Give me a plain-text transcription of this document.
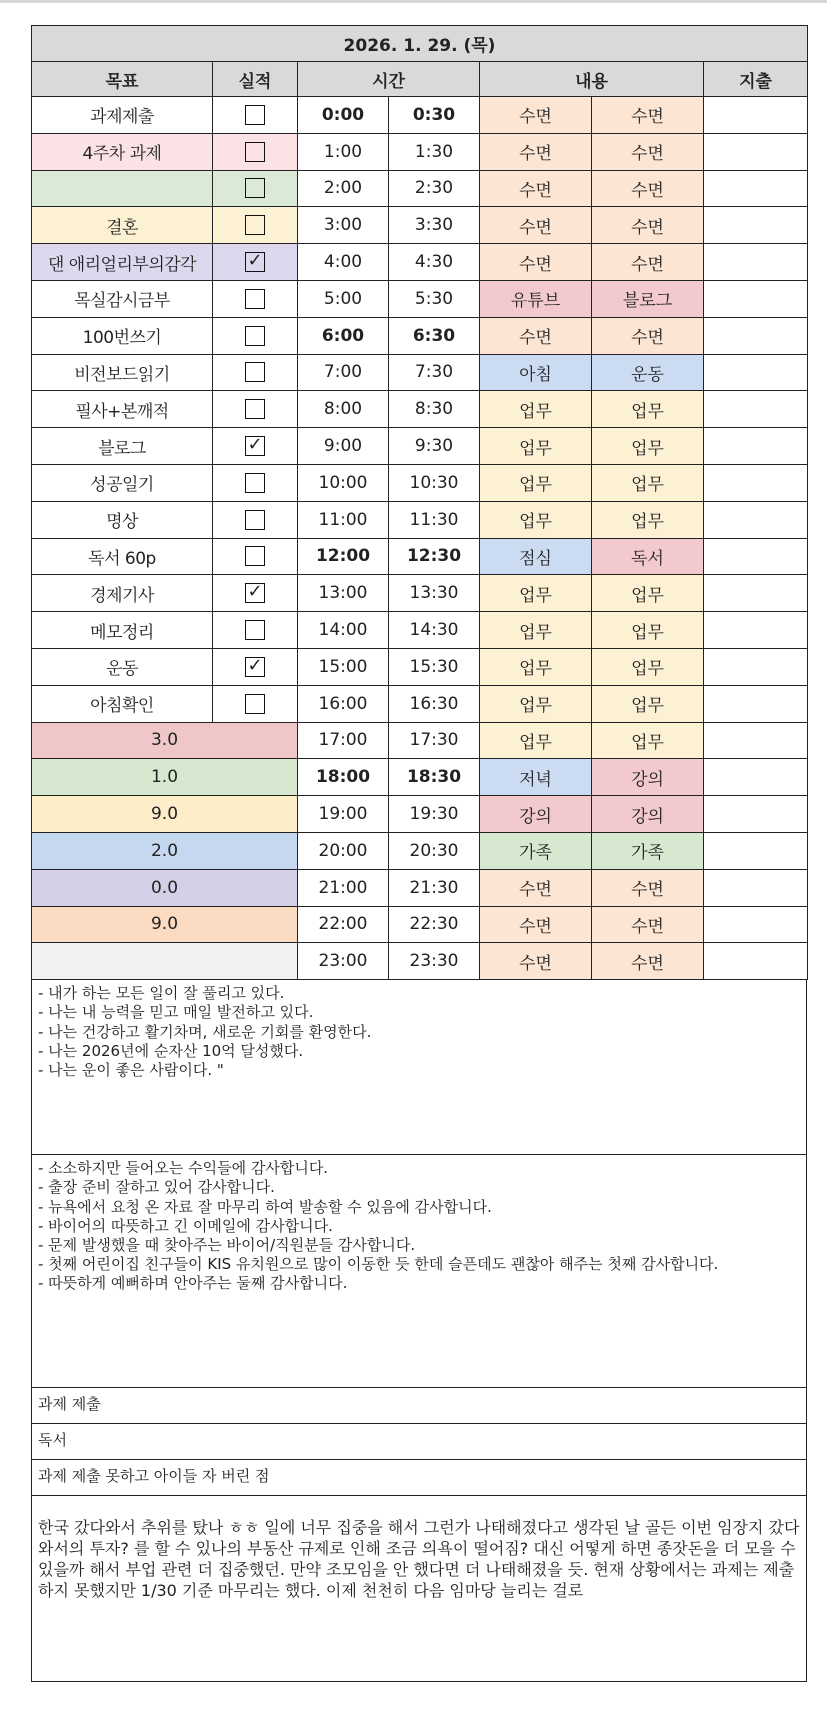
2026. 1. 29. (목)						
목표	실적	시간		내용		지출
과제제출		0:00	0:30	수면	수면	
4주차 과제		1:00	1:30	수면	수면	
		2:00	2:30	수면	수면	
결혼		3:00	3:30	수면	수면	
댄 애리얼리부의감각	✓	4:00	4:30	수면	수면	
목실감시금부		5:00	5:30	유튜브	블로그	
100번쓰기		6:00	6:30	수면	수면	
비전보드읽기		7:00	7:30	아침	운동	
필사+본깨적		8:00	8:30	업무	업무	
블로그	✓	9:00	9:30	업무	업무	
성공일기		10:00	10:30	업무	업무	
명상		11:00	11:30	업무	업무	
독서 60p		12:00	12:30	점심	독서	
경제기사	✓	13:00	13:30	업무	업무	
메모정리		14:00	14:30	업무	업무	
운동	✓	15:00	15:30	업무	업무	
아침확인		16:00	16:30	업무	업무	
3.0		17:00	17:30	업무	업무	
1.0		18:00	18:30	저녁	강의	
9.0		19:00	19:30	강의	강의	
2.0		20:00	20:30	가족	가족	
0.0		21:00	21:30	수면	수면	
9.0		22:00	22:30	수면	수면	
		23:00	23:30	수면	수면	
- 내가 하는 모든 일이 잘 풀리고 있다.
- 나는 내 능력을 믿고 매일 발전하고 있다.
- 나는 건강하고 활기차며, 새로운 기회를 환영한다.
- 나는 2026년에 순자산 10억 달성했다.
- 나는 운이 좋은 사람이다. "

- 소소하지만 들어오는 수익들에 감사합니다.
- 출장 준비 잘하고 있어 감사합니다.
- 뉴욕에서 요청 온 자료 잘 마무리 하여 발송할 수 있음에 감사합니다.
- 바이어의 따뜻하고 긴 이메일에 감사합니다.
- 문제 발생했을 때 찾아주는 바이어/직원분들 감사합니다.
- 첫째 어린이집 친구들이 KIS 유치원으로 많이 이동한 듯 한데 슬픈데도 괜찮아 해주는 첫째 감사합니다.
- 따뜻하게 예뻐하며 안아주는 둘째 감사합니다.

과제 제출
독서
과제 제출 못하고 아이들 자 버린 점
한국 갔다와서 추위를 탔나 ㅎㅎ 일에 너무 집중을 해서 그런가 나태해졌다고 생각된 날 골든 이번 임장지 갔다와서의 투자? 를 할 수 있나의 부동산 규제로 인해 조금 의욕이 떨어짐? 대신 어떻게 하면 종잣돈을 더 모을 수 있을까 해서 부업 관련 더 집중했던. 만약 조모임을 안 했다면 더 나태해졌을 듯. 현재 상황에서는 과제는 제출하지 못했지만 1/30 기준 마무리는 했다. 이제 천천히 다음 임마당 늘리는 걸로
